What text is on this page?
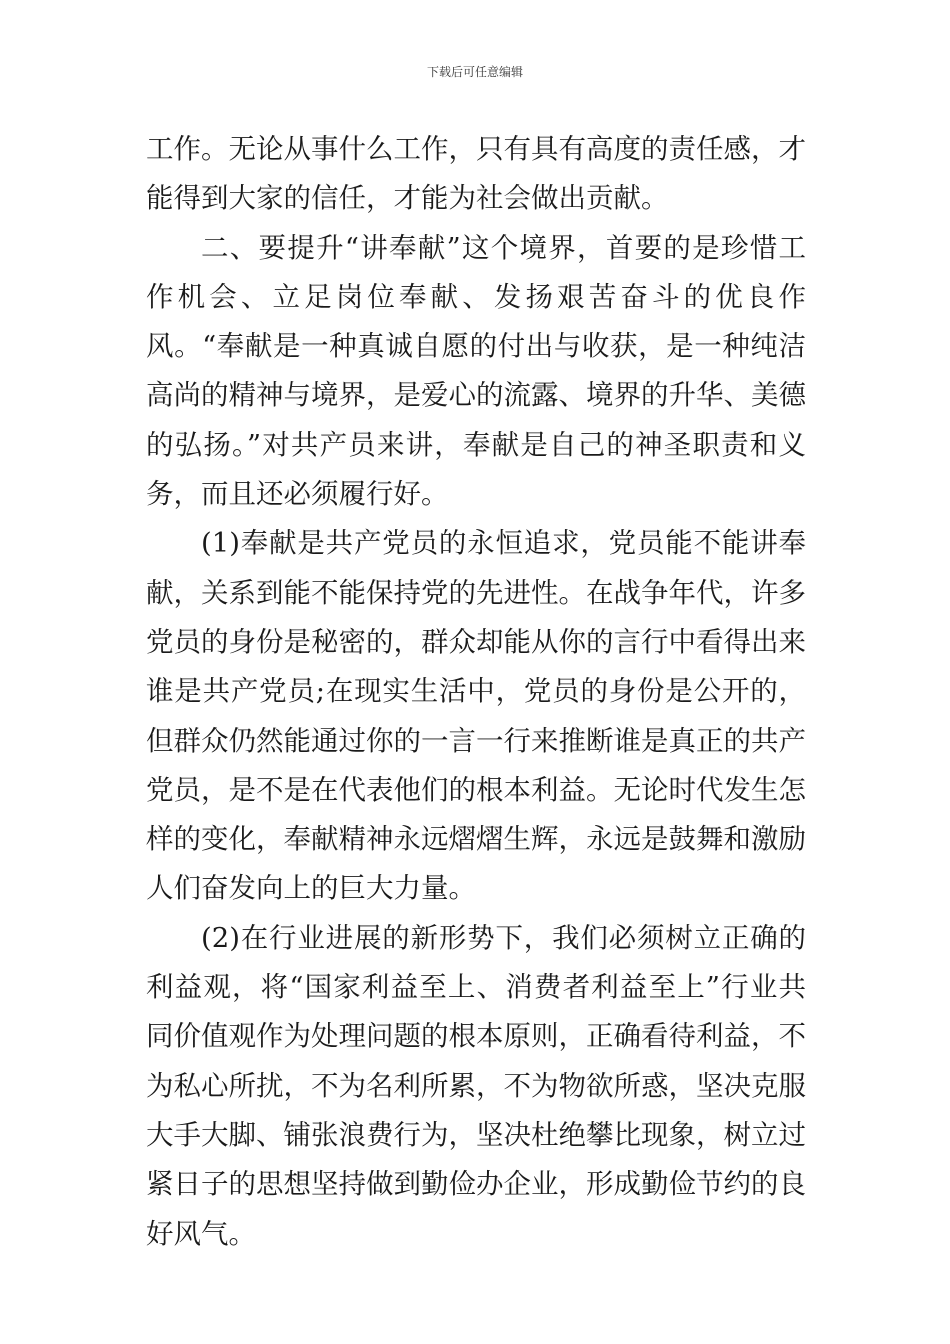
下载后可任意编辑

工作。无论从事什么工作，只有具有高度的责任感，才能得到大家的信任，才能为社会做出贡献。

二、要提升“讲奉献”这个境界，首要的是珍惜工作机会、立足岗位奉献、发扬艰苦奋斗的优良作风。“奉献是一种真诚自愿的付出与收获，是一种纯洁高尚的精神与境界，是爱心的流露、境界的升华、美德的弘扬。”对共产员来讲，奉献是自己的神圣职责和义务，而且还必须履行好。

(1)奉献是共产党员的永恒追求，党员能不能讲奉献，关系到能不能保持党的先进性。在战争年代，许多党员的身份是秘密的，群众却能从你的言行中看得出来谁是共产党员;在现实生活中，党员的身份是公开的，但群众仍然能通过你的一言一行来推断谁是真正的共产党员，是不是在代表他们的根本利益。无论时代发生怎样的变化，奉献精神永远熠熠生辉，永远是鼓舞和激励人们奋发向上的巨大力量。

(2)在行业进展的新形势下，我们必须树立正确的利益观，将“国家利益至上、消费者利益至上”行业共同价值观作为处理问题的根本原则，正确看待利益，不为私心所扰，不为名利所累，不为物欲所惑，坚决克服大手大脚、铺张浪费行为，坚决杜绝攀比现象，树立过紧日子的思想坚持做到勤俭办企业，形成勤俭节约的良好风气。
